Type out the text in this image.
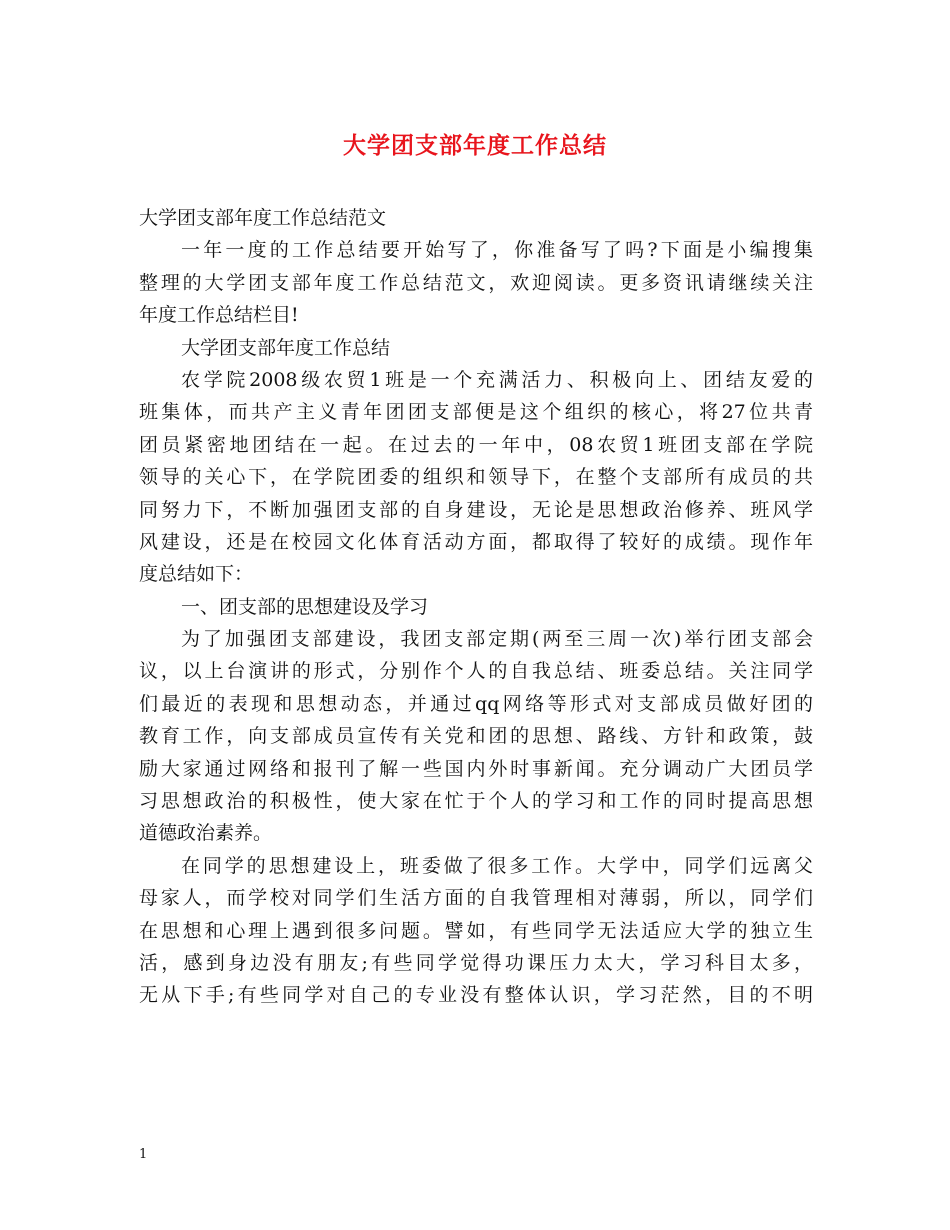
大学团支部年度工作总结
大学团支部年度工作总结范文
一年一度的工作总结要开始写了，你准备写了吗?下面是小编搜集
整理的大学团支部年度工作总结范文，欢迎阅读。更多资讯请继续关注
年度工作总结栏目!
大学团支部年度工作总结
农学院2008级农贸1班是一个充满活力、积极向上、团结友爱的
班集体，而共产主义青年团团支部便是这个组织的核心，将27位共青
团员紧密地团结在一起。在过去的一年中，08农贸1班团支部在学院
领导的关心下，在学院团委的组织和领导下，在整个支部所有成员的共
同努力下，不断加强团支部的自身建设，无论是思想政治修养、班风学
风建设，还是在校园文化体育活动方面，都取得了较好的成绩。现作年
度总结如下：
一、团支部的思想建设及学习
为了加强团支部建设，我团支部定期(两至三周一次)举行团支部会
议，以上台演讲的形式，分别作个人的自我总结、班委总结。关注同学
们最近的表现和思想动态，并通过qq网络等形式对支部成员做好团的
教育工作，向支部成员宣传有关党和团的思想、路线、方针和政策，鼓
励大家通过网络和报刊了解一些国内外时事新闻。充分调动广大团员学
习思想政治的积极性，使大家在忙于个人的学习和工作的同时提高思想
道德政治素养。
在同学的思想建设上，班委做了很多工作。大学中，同学们远离父
母家人，而学校对同学们生活方面的自我管理相对薄弱，所以，同学们
在思想和心理上遇到很多问题。譬如，有些同学无法适应大学的独立生
活，感到身边没有朋友;有些同学觉得功课压力太大，学习科目太多，
无从下手;有些同学对自己的专业没有整体认识，学习茫然，目的不明
1
